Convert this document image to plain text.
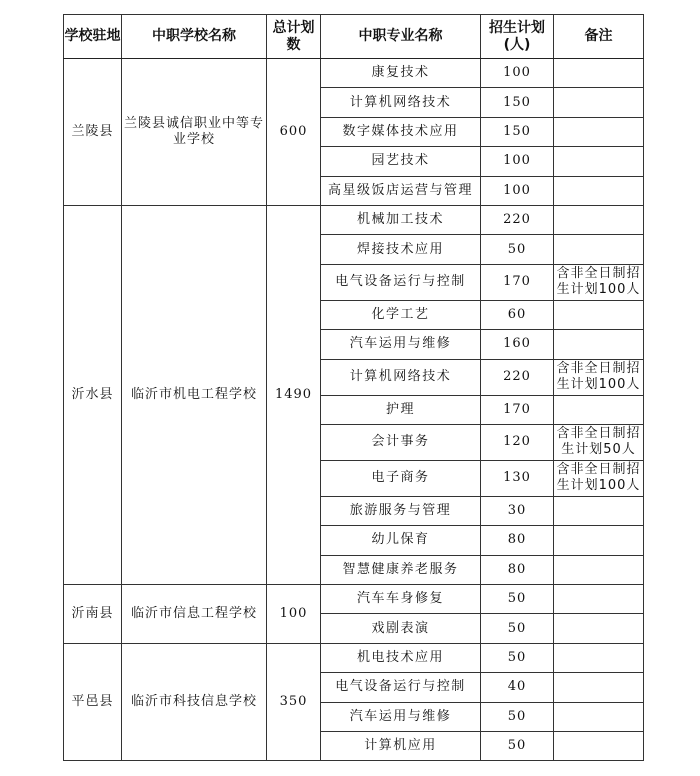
学校驻地	中职学校名称	总计划数	中职专业名称	招生计划(人)	备注
兰陵县	兰陵县诚信职业中等专业学校	600	康复技术	100	
			计算机网络技术	150	
			数字媒体技术应用	150	
			园艺技术	100	
			高星级饭店运营与管理	100	
沂水县	临沂市机电工程学校	1490	机械加工技术	220	
			焊接技术应用	50	
			电气设备运行与控制	170	含非全日制招生计划100人
			化学工艺	60	
			汽车运用与维修	160	
			计算机网络技术	220	含非全日制招生计划100人
			护理	170	
			会计事务	120	含非全日制招生计划50人
			电子商务	130	含非全日制招生计划100人
			旅游服务与管理	30	
			幼儿保育	80	
			智慧健康养老服务	80	
沂南县	临沂市信息工程学校	100	汽车车身修复	50	
			戏剧表演	50	
平邑县	临沂市科技信息学校	350	机电技术应用	50	
			电气设备运行与控制	40	
			汽车运用与维修	50	
			计算机应用	50	
